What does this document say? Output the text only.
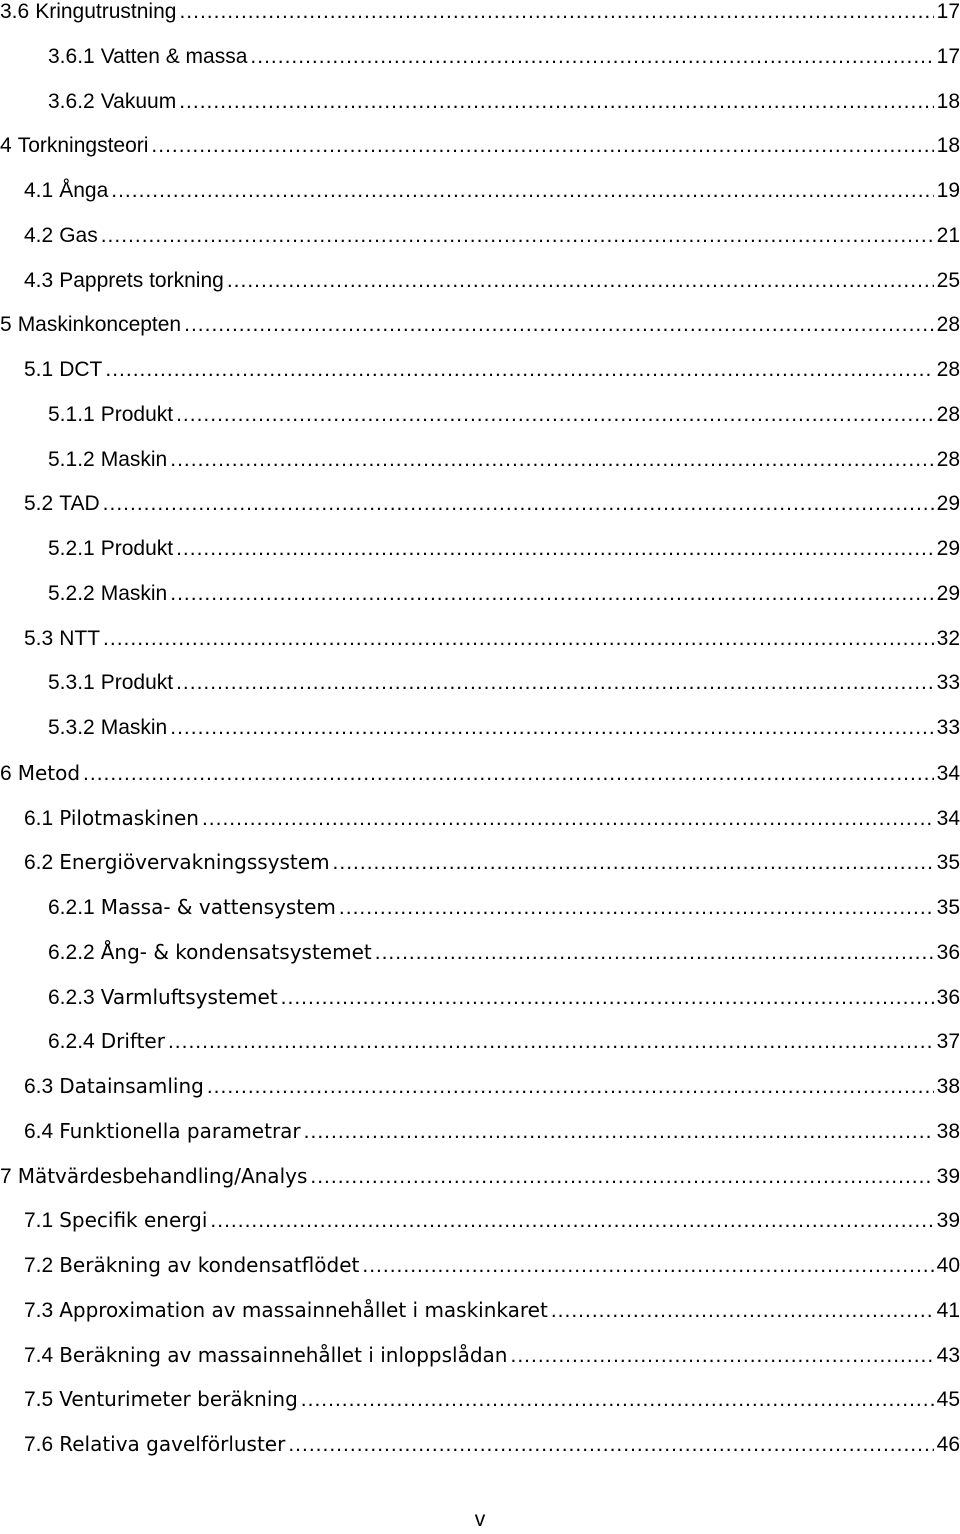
3.6 Kringutrustning .....	17
3.6.1 Vatten & massa .....	17
3.6.2 Vakuum .....	18
4 Torkningsteori .....	18
4.1 Ånga .....	19
4.2 Gas .....	21
4.3 Papprets torkning .....	25
5 Maskinkoncepten .....	28
5.1 DCT .....	28
5.1.1 Produkt .....	28
5.1.2 Maskin .....	28
5.2 TAD .....	29
5.2.1 Produkt .....	29
5.2.2 Maskin .....	29
5.3 NTT .....	32
5.3.1 Produkt .....	33
5.3.2 Maskin .....	33
6 Metod .....	34
6.1 Pilotmaskinen .....	34
6.2 Energiövervakningssystem .....	35
6.2.1 Massa- & vattensystem .....	35
6.2.2 Ång- & kondensatsystemet .....	36
6.2.3 Varmluftsystemet .....	36
6.2.4 Drifter .....	37
6.3 Datainsamling .....	38
6.4 Funktionella parametrar .....	38
7 Mätvärdesbehandling/Analys .....	39
7.1 Specifik energi .....	39
7.2 Beräkning av kondensatflödet .....	40
7.3 Approximation av massainnehållet i maskinkaret .....	41
7.4 Beräkning av massainnehållet i inloppslådan .....	43
7.5 Venturimeter beräkning .....	45
7.6 Relativa gavelförluster .....	46
v
